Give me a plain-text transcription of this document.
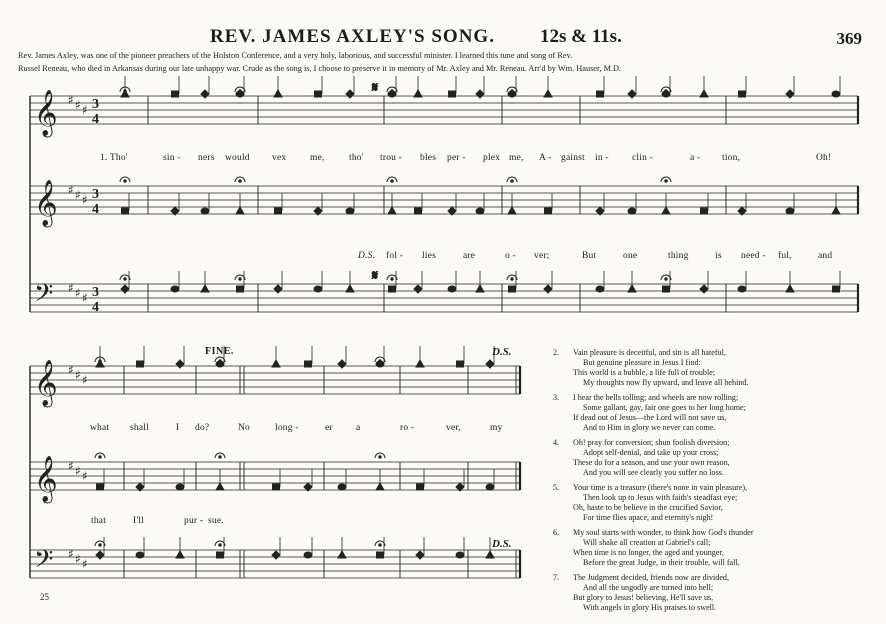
REV. JAMES AXLEY'S SONG. 12s & 11s.	369
Rev. James Axley, was one of the pioneer preachers of the Holston Conference, and a very holy, laborious, and successful minister. I learned this tune and song of Rev.
Russel Reneau, who died in Arkansas during our late unhappy war. Crude as the song is, I choose to preserve it in memory of Mr. Axley and Mr. Reneau. Arr'd by Wm. Hauser, M.D.
𝄋
𝄋
𝄞 ♯ ♯ ♯ 3
4
𝄞 ♯ ♯ ♯ 3
4
𝄢 ♯ ♯ ♯ 3
4
𝄞 ♯ ♯ ♯
𝄞 ♯ ♯ ♯
𝄢 ♯ ♯ ♯
FINE.	D.S.
D.S.
1. Tho'	sin - ners would vex me,	tho' trou - bles per - plex me, A - gainst in - clin -	a - tion,	Oh!
fol - lies	are	o - ver;	But	one	thing	is need - ful,	and
what shall	I do?	No	long -	er a	ro -	ver,	my
that	I'll	pur - sue.
D.S.
2. Vain pleasure is deceitful, and sin is all hateful,
But genuine pleasure in Jesus I find:
This world is a bubble, a life full of trouble;
My thoughts now fly upward, and leave all behind.
3. I hear the bells tolling; and wheels are now rolling;
Some gallant, gay, fair one goes to her long home;
If dead out of Jesus—the Lord will not save us,
And to Him in glory we never can come.
4. Oh! pray for conversion; shun foolish diversion;
Adopt self-denial, and take up your cross;
These do for a season, and use your own reason,
And you will see clearly you suffer no loss.
5. Your time is a treasure (there's none in vain pleasure),
Then look up to Jesus with faith's steadfast eye;
Oh, haste to be believe in the crucified Savior,
For time flies apace, and eternity's nigh!
6. My soul starts with wonder, to think how God's thunder
Will shake all creation at Gabriel's call;
When time is no longer, the aged and younger,
Before the great Judge, in their trouble, will fall.
7. The Judgment decided, friends now are divided,
And all the ungodly are turned into hell;
But glory to Jesus! believing, He'll save us,
With angels in glory His praises to swell.
25
